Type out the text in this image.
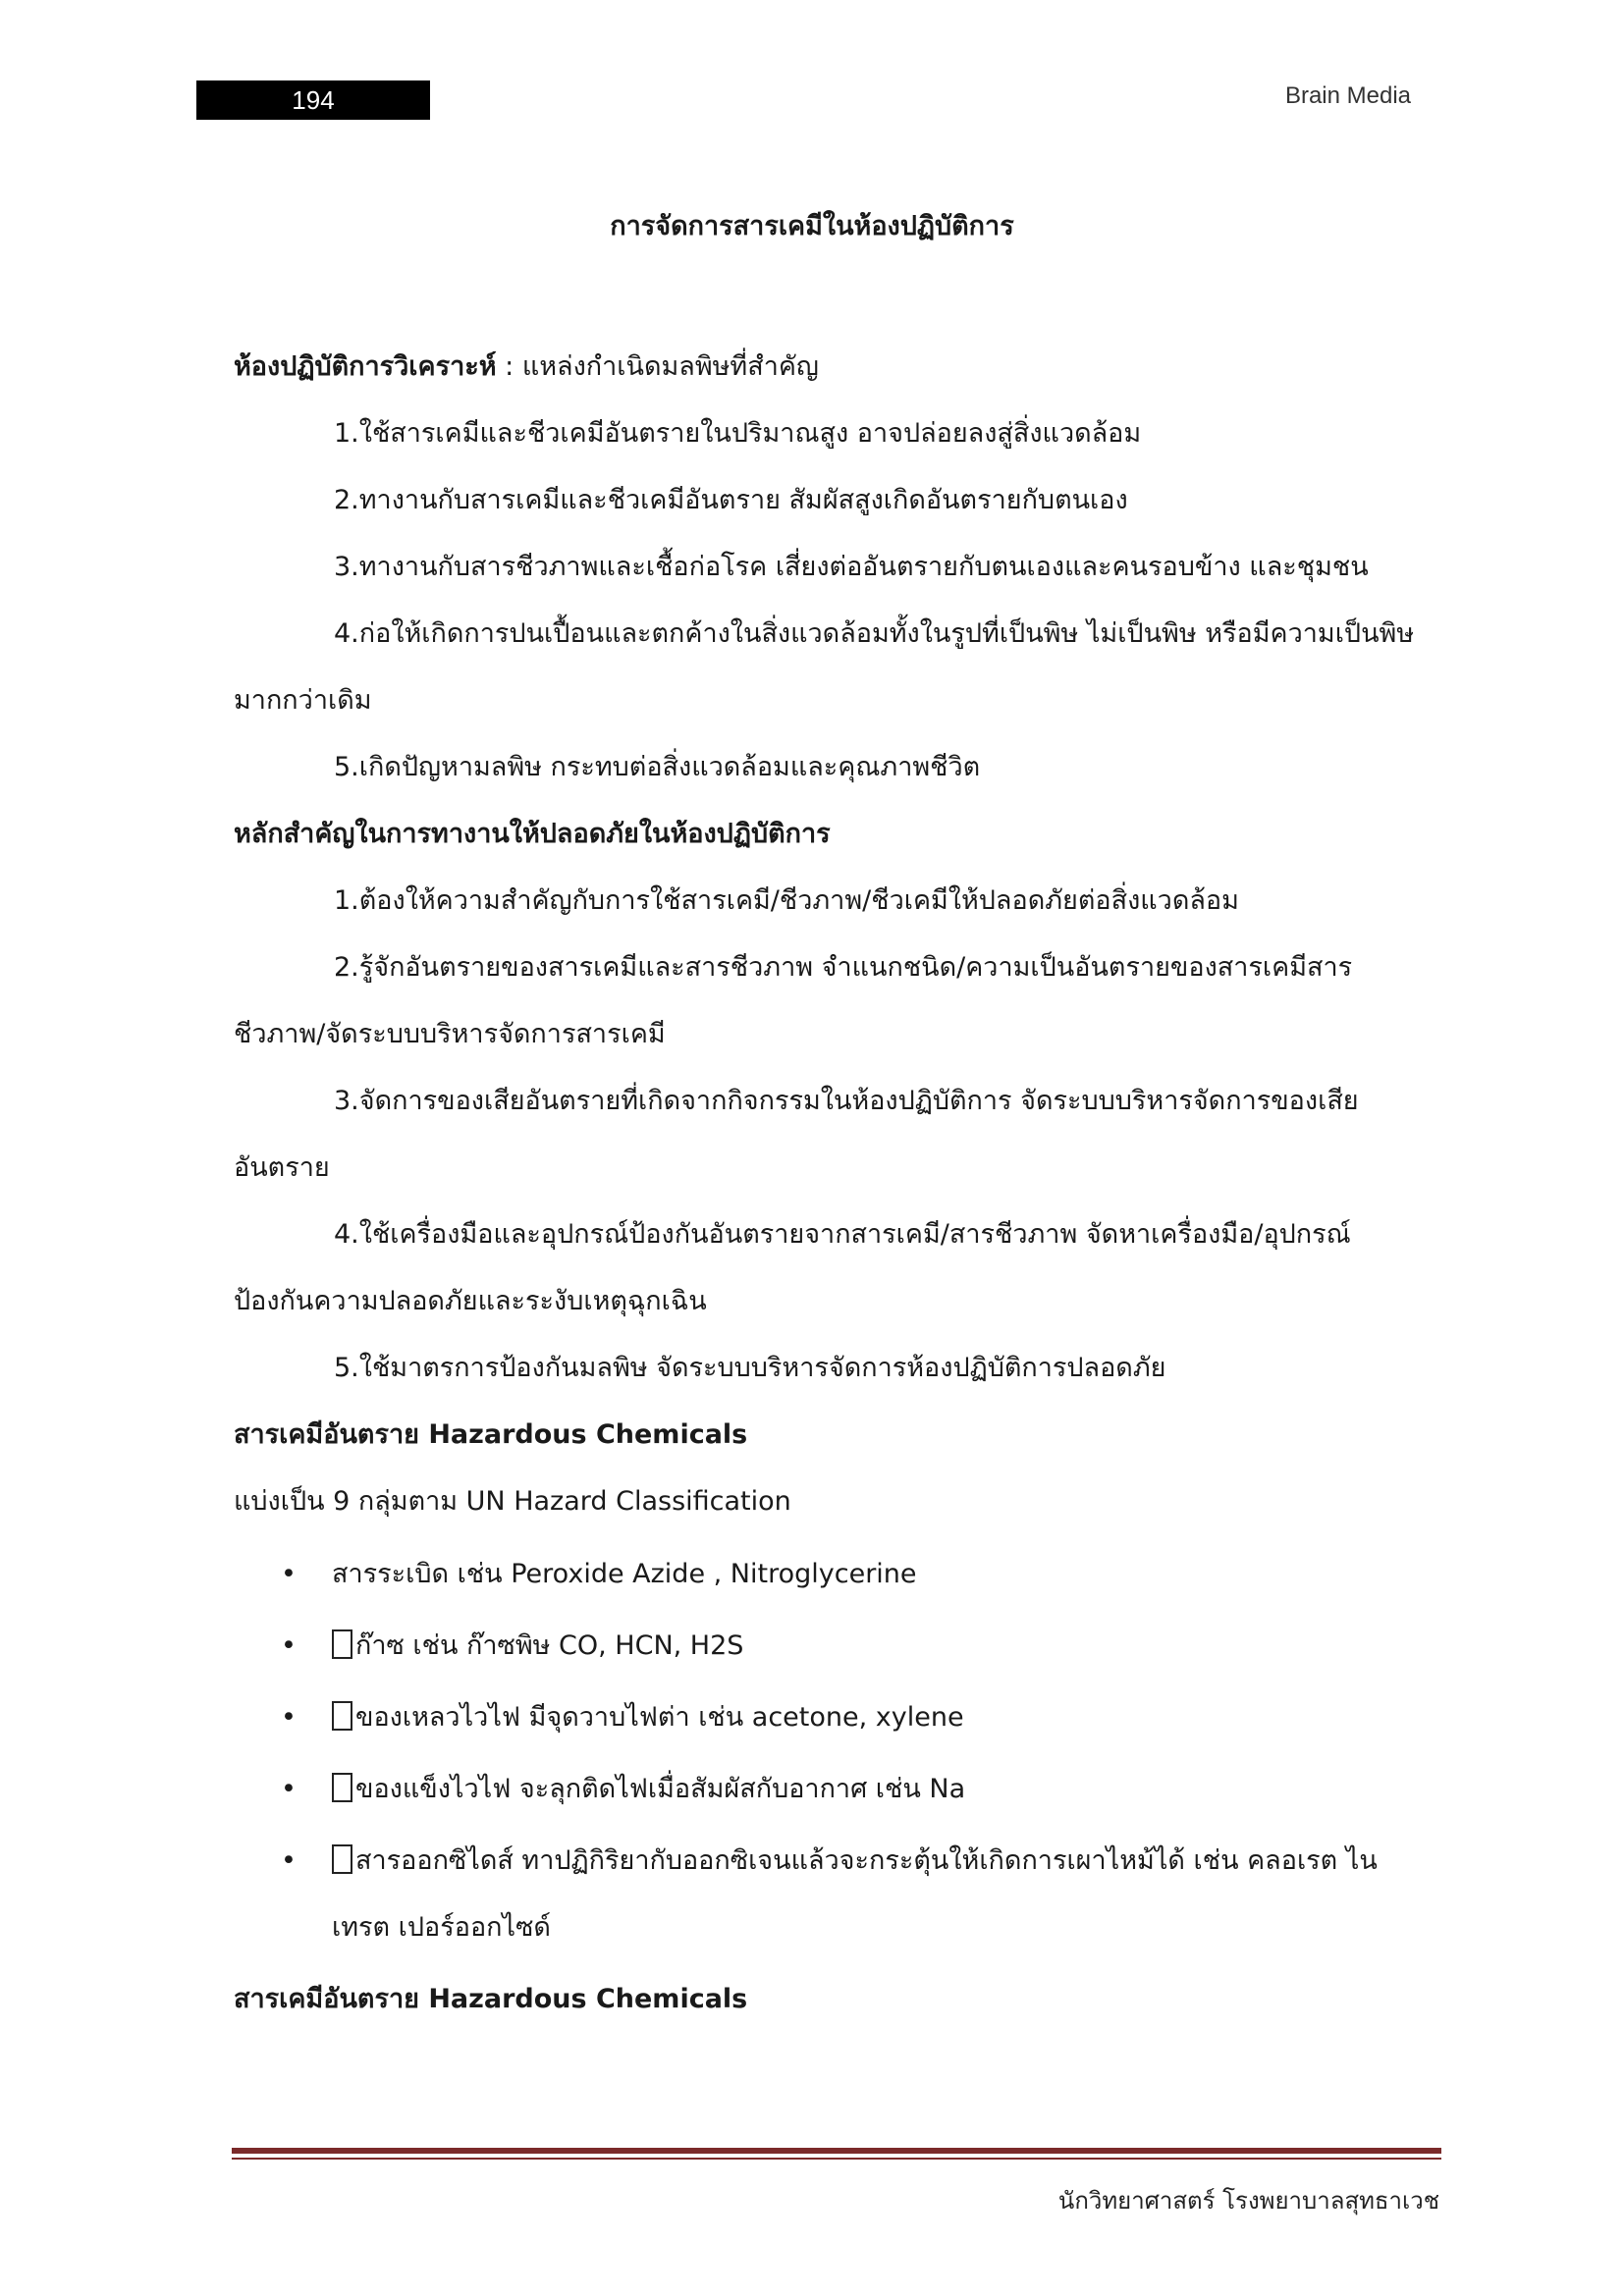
194	Brain Media
การจัดการสารเคมีในห้องปฏิบัติการ

ห้องปฏิบัติการวิเคราะห์ : แหล่งกำเนิดมลพิษที่สำคัญ

1.ใช้สารเคมีและชีวเคมีอันตรายในปริมาณสูง อาจปล่อยลงสู่สิ่งแวดล้อม

2.ทางานกับสารเคมีและชีวเคมีอันตราย สัมผัสสูงเกิดอันตรายกับตนเอง

3.ทางานกับสารชีวภาพและเชื้อก่อโรค เสี่ยงต่ออันตรายกับตนเองและคนรอบข้าง และชุมชน

4.ก่อให้เกิดการปนเปื้อนและตกค้างในสิ่งแวดล้อมทั้งในรูปที่เป็นพิษ ไม่เป็นพิษ หรือมีความเป็นพิษมากกว่าเดิม

5.เกิดปัญหามลพิษ กระทบต่อสิ่งแวดล้อมและคุณภาพชีวิต

หลักสำคัญในการทางานให้ปลอดภัยในห้องปฏิบัติการ

1.ต้องให้ความสำคัญกับการใช้สารเคมี/ชีวภาพ/ชีวเคมีให้ปลอดภัยต่อสิ่งแวดล้อม

2.รู้จักอันตรายของสารเคมีและสารชีวภาพ จำแนกชนิด/ความเป็นอันตรายของสารเคมีสารชีวภาพ/จัดระบบบริหารจัดการสารเคมี

3.จัดการของเสียอันตรายที่เกิดจากกิจกรรมในห้องปฏิบัติการ จัดระบบบริหารจัดการของเสียอันตราย

4.ใช้เครื่องมือและอุปกรณ์ป้องกันอันตรายจากสารเคมี/สารชีวภาพ จัดหาเครื่องมือ/อุปกรณ์ป้องกันความปลอดภัยและระงับเหตุฉุกเฉิน

5.ใช้มาตรการป้องกันมลพิษ จัดระบบบริหารจัดการห้องปฏิบัติการปลอดภัย

สารเคมีอันตราย Hazardous Chemicals

แบ่งเป็น 9 กลุ่มตาม UN Hazard Classification

• สารระเบิด เช่น Peroxide Azide , Nitroglycerine
• ก๊าซ เช่น ก๊าซพิษ CO, HCN, H2S
• ของเหลวไวไฟ มีจุดวาบไฟต่า เช่น acetone, xylene
• ของแข็งไวไฟ จะลุกติดไฟเมื่อสัมผัสกับอากาศ เช่น Na
• สารออกซิไดส์ ทาปฏิกิริยากับออกซิเจนแล้วจะกระตุ้นให้เกิดการเผาไหม้ได้ เช่น คลอเรต ไนเทรต เปอร์ออกไซด์

สารเคมีอันตราย Hazardous Chemicals

นักวิทยาศาสตร์ โรงพยาบาลสุทธาเวช
